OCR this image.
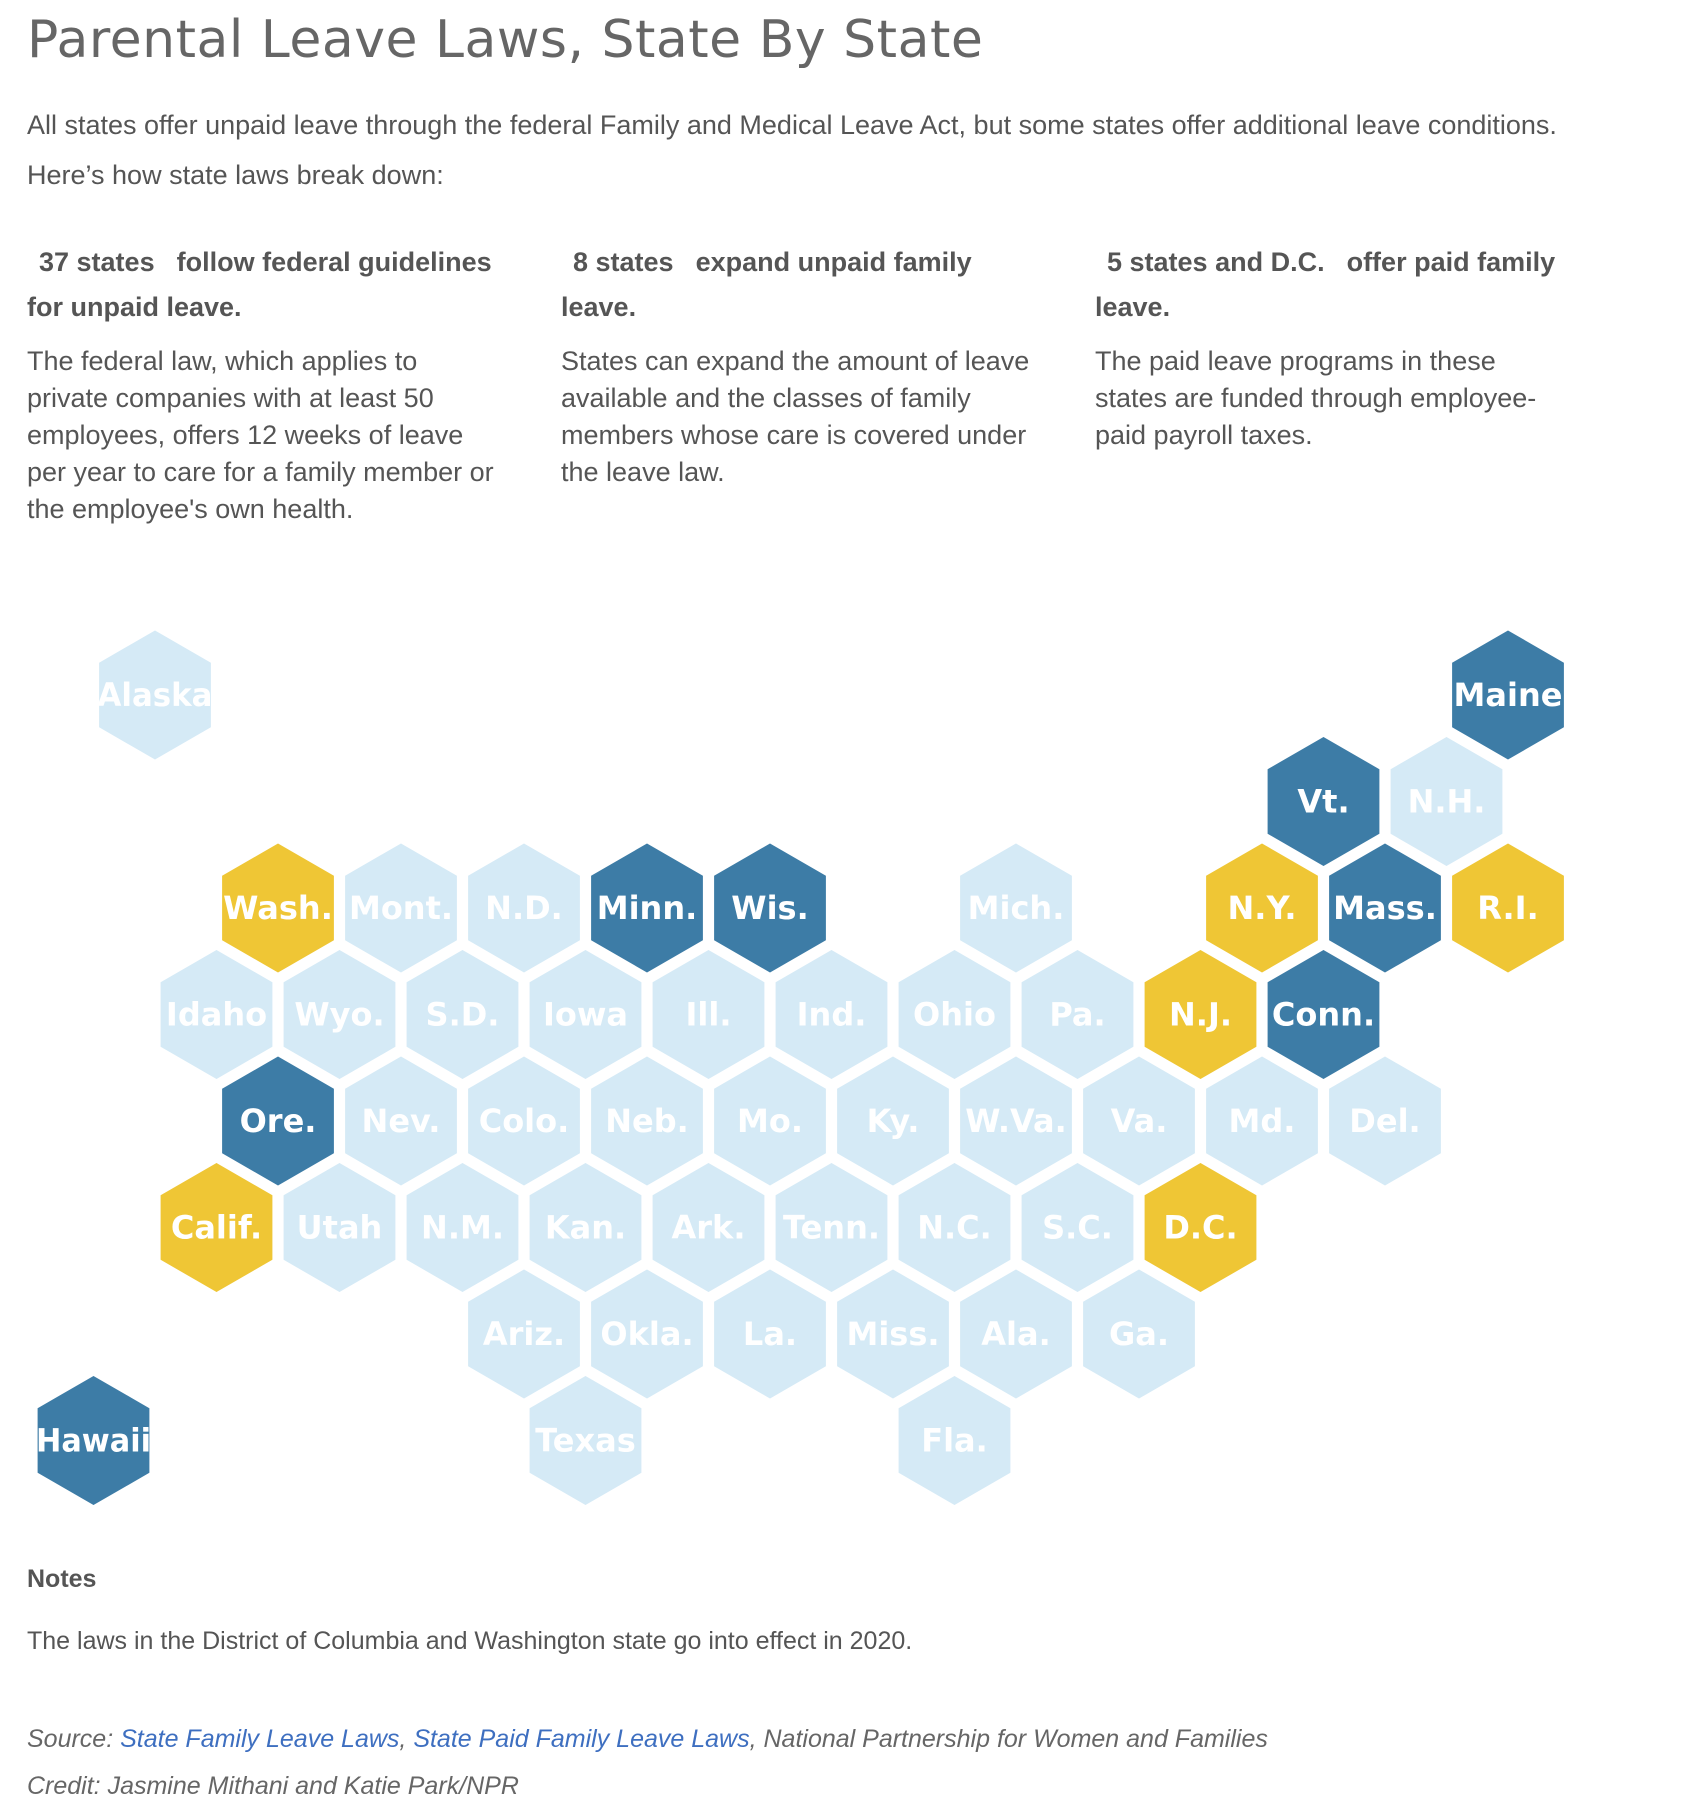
Parental Leave Laws, State By State

All states offer unpaid leave through the federal Family and Medical Leave Act, but some states offer additional leave conditions. Here’s how state laws break down:

37 states follow federal guidelines for unpaid leave.

The federal law, which applies to private companies with at least 50 employees, offers 12 weeks of leave per year to care for a family member or the employee's own health.

8 states expand unpaid family leave.

States can expand the amount of leave available and the classes of family members whose care is covered under the leave law.

5 states and D.C. offer paid family leave.

The paid leave programs in these states are funded through employee-paid payroll taxes.

Alaska	Maine
Vt. N.H.
Wash. Mont. N.D. Minn. Wis.	Mich.	N.Y. Mass. R.I.
Idaho Wyo. S.D. Iowa Ill. Ind. Ohio Pa. N.J. Conn.
Ore. Nev. Colo. Neb. Mo. Ky. W.Va. Va. Md. Del.
Calif. Utah N.M. Kan. Ark. Tenn. N.C. S.C. D.C.
Ariz. Okla. La. Miss. Ala. Ga.
Hawaii	Texas	Fla.

Notes

The laws in the District of Columbia and Washington state go into effect in 2020.

Source: State Family Leave Laws, State Paid Family Leave Laws, National Partnership for Women and Families

Credit: Jasmine Mithani and Katie Park/NPR
